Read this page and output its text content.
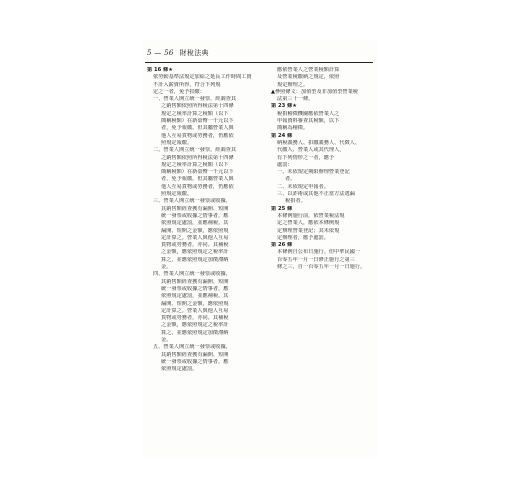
5 — 56 財稅法典
第 16 條★
依勞動基準法規定加給之延長工作時間工資
不計入薪資所得，符合下列規
定之一者，免予扣繳：
一、營業人開立統一發票，經調查其
之銷售額依照所得稅法第十四條
規定之稅率計算之稅額（以下
簡稱稅額）在新臺幣一千元以下
者，免予報繳。但其屬營業人與
他人互易貨物或勞務者，仍應依
照規定報繳。
二、營業人開立統一發票，經調查其
之銷售額依照所得稅法第十四條
規定之稅率計算之稅額（以下
簡稱稅額）在新臺幣一千元以下
者，免予報繳。但其屬營業人與
他人互易貨物或勞務者，仍應依
照規定報繳。
三、營業人開立統一發票或收據，
其銷售額經查獲有漏開、短開
統一發票或收據之情事者，應
依照規定處罰，並應補稅。其
漏開、短開之金額，應依照規
定計算之。營業人與他人互易
貨物或勞務者，亦同。其補稅
之金額，應依照規定之稅率計
算之，並應依照規定加徵滯納
金。
四、營業人開立統一發票或收據，
其銷售額經查獲有漏開、短開
統一發票或收據之情事者，應
依照規定處罰，並應補稅。其
漏開、短開之金額，應依照規
定計算之。營業人與他人互易
貨物或勞務者，亦同。其補稅
之金額，應依照規定之稅率計
算之，並應依照規定加徵滯納
金。
五、營業人開立統一發票或收據，
其銷售額經查獲有漏開、短開
統一發票或收據之情事者，應
依照規定處罰。
應依營業人之營業稅額計算
及營業稅繳納之規定，依照
規定辦理之。
▲參照條文：加值型及非加值型營業稅
法第三十一條。
第 23 條★
稅捐稽徵機關應依營業人之
申報資料審查其稅額，以下
簡稱為稽徵。
第 24 條
納稅義務人、扣繳義務人、代徵人、
代繳人、營業人或其代理人，
有下列情形之一者，應予
處罰：
一、未依規定期限辦理營業登記
者。
二、未依規定申報者。
三、以詐術或其他不正當方法逃漏
稅捐者。
第 25 條
本條例施行前，依營業稅法規
定之營業人，應依本條例規
定辦理營業登記；其未依規
定辦理者，應予處罰。
第 26 條
本條例自公布日施行。但中華民國一
百零五年一月一日修正施行之第三
條之三，自一百零五年一月一日施行。
